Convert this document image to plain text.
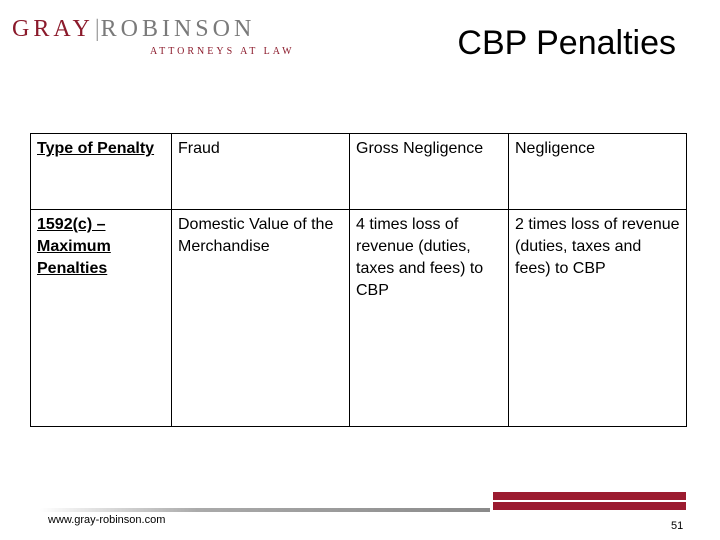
GRAY|ROBINSON
ATTORNEYS AT LAW	CBP Penalties
Type of Penalty	Fraud	Gross Negligence	Negligence
1592(c) – Maximum Penalties	Domestic Value of the Merchandise	4 times loss of revenue (duties, taxes and fees) to CBP	2 times loss of revenue (duties, taxes and fees) to CBP
www.gray-robinson.com	51
